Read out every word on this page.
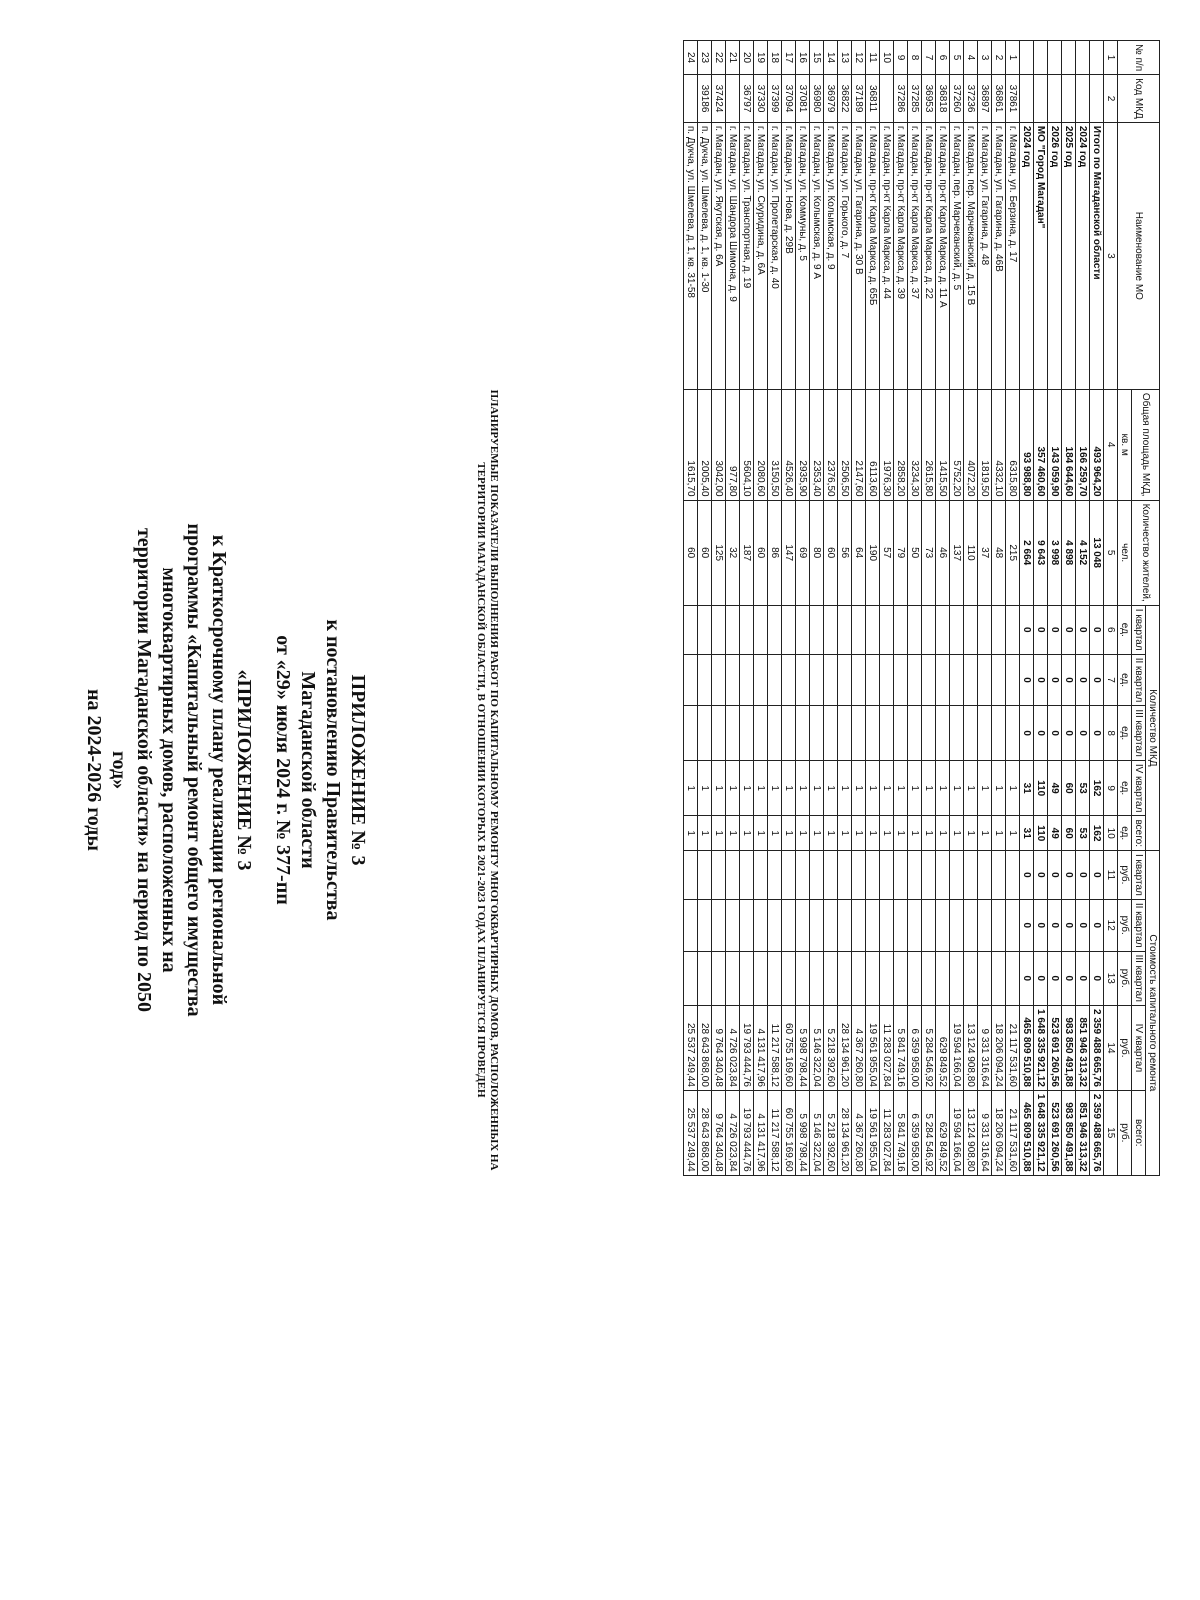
№ п/п	Код МКД	Наименование МО	Общая площадь МКД,	Количество жителей,	Количество МКД					Стоимость капитального ремонта				
					I квартал	II квартал	III квартал	IV квартал	всего:	I квартал	II квартал	III квартал	IV квартал	всего:
			кв. м	чел.	ед.	ед.	ед.	ед.	ед.	руб.	руб.	руб.	руб.	руб.
1	2	3	4	5	6	7	8	9	10	11	12	13	14	15
		Итого по Магаданской области	493 964,20	13 048	0	0	0	162	162	0	0	0	2 359 488 665,76	2 359 488 665,76
		2024 год	166 259,70	4 152	0	0	0	53	53	0	0	0	851 946 313,32	851 946 313,32
		2025 год	184 644,60	4 898	0	0	0	60	60	0	0	0	983 850 491,88	983 850 491,88
		2026 год	143 059,90	3 998	0	0	0	49	49	0	0	0	523 691 260,56	523 691 260,56
		МО "Город Магадан"	357 460,60	9 643	0	0	0	110	110	0	0	0	1 648 335 921,12	1 648 335 921,12
		2024 год	93 988,80	2 664	0	0	0	31	31	0	0	0	465 809 510,88	465 809 510,88
1	37861	г. Магадан, ул. Берзина, д. 17	6315,80	215				1	1				21 117 531,60	21 117 531,60
2	36861	г. Магадан, ул. Гагарина, д. 46В	4332,10	48				1	1				18 206 094,24	18 206 094,24
3	36897	г. Магадан, ул. Гагарина, д. 48	1819,50	37				1	1				9 331 316,64	9 331 316,64
4	37236	г. Магадан, пер. Марчеканский, д. 15 В	4072,20	110				1	1				13 124 908,80	13 124 908,80
5	37260	г. Магадан, пер. Марчеканский, д. 5	5752,20	137				1	1				19 594 166,04	19 594 166,04
6	36818	г. Магадан, пр-кт Карла Маркса, д. 11 А	1415,50	46				1	1				629 849,52	629 849,52
7	36953	г. Магадан, пр-кт Карла Маркса, д. 22	2615,80	73				1	1				5 284 546,92	5 284 546,92
8	37285	г. Магадан, пр-кт Карла Маркса, д. 37	3234,30	50				1	1				6 359 958,00	6 359 958,00
9	37286	г. Магадан, пр-кт Карла Маркса, д. 39	2858,20	79				1	1				5 841 749,16	5 841 749,16
10		г. Магадан, пр-кт Карла Маркса, д. 44	1976,30	57				1	1				11 283 027,84	11 283 027,84
11	36811	г. Магадан, пр-кт Карла Маркса, д. 65Б	6113,60	190				1	1				19 561 955,04	19 561 955,04
12	37189	г. Магадан, ул. Гагарина, д. 30 В	2147,60	64				1	1				4 367 260,80	4 367 260,80
13	36822	г. Магадан, ул. Горького, д. 7	2506,50	56				1	1				28 134 961,20	28 134 961,20
14	36979	г. Магадан, ул. Колымская, д. 9	2376,50	60				1	1				5 218 392,60	5 218 392,60
15	36980	г. Магадан, ул. Колымская, д. 9 А	2353,40	80				1	1				5 146 322,04	5 146 322,04
16	37081	г. Магадан, ул. Коммуны, д. 5	2935,90	69				1	1				5 998 798,44	5 998 798,44
17	37094	г. Магадан, ул. Нова, д. 29В	4526,40	147				1	1				60 755 169,60	60 755 169,60
18	37399	г. Магадан, ул. Пролетарская, д. 40	3150,50	86				1	1				11 217 588,12	11 217 588,12
19	37330	г. Магадан, ул. Скуридина, д. 6А	2080,60	60				1	1				4 131 417,96	4 131 417,96
20	36797	г. Магадан, ул. Транспортная, д. 19	5604,10	187				1	1				19 793 444,76	19 793 444,76
21		г. Магадан, ул. Шандора Шимона, д. 9	977,80	32				1	1				4 726 023,84	4 726 023,84
22	37424	г. Магадан, ул. Якутская, д. 6А	3042,00	125				1	1				9 764 340,48	9 764 340,48
23	39186	п. Дукча, ул. Шмелева, д. 1, кв. 1-30	2005,40	60				1	1				28 643 868,00	28 643 868,00
24		п. Дукча, ул. Шмелева, д. 1, кв. 31-58	1615,70	60				1	1				25 537 249,44	25 537 249,44
ПЛАНИРУЕМЫЕ ПОКАЗАТЕЛИ ВЫПОЛНЕНИЯ РАБОТ ПО КАПИТАЛЬНОМУ РЕМОНТУ МНОГОКВАРТИРНЫХ ДОМОВ, РАСПОЛОЖЕННЫХ НА ТЕРРИТОРИИ МАГАДАНСКОЙ ОБЛАСТИ, В ОТНОШЕНИИ КОТОРЫХ В 2021-2023 ГОДАХ ПЛАНИРУЕТСЯ ПРОВЕДЕН
ПРИЛОЖЕНИЕ № 3
к постановлению Правительства
Магаданской области
от «29» июля 2024 г. № 377-пп
«ПРИЛОЖЕНИЕ № 3
к Краткосрочному плану реализации региональной
программы «Капитальный ремонт общего имущества
многоквартирных домов, расположенных на
территории Магаданской области» на период по 2050
год»
на 2024-2026 годы
